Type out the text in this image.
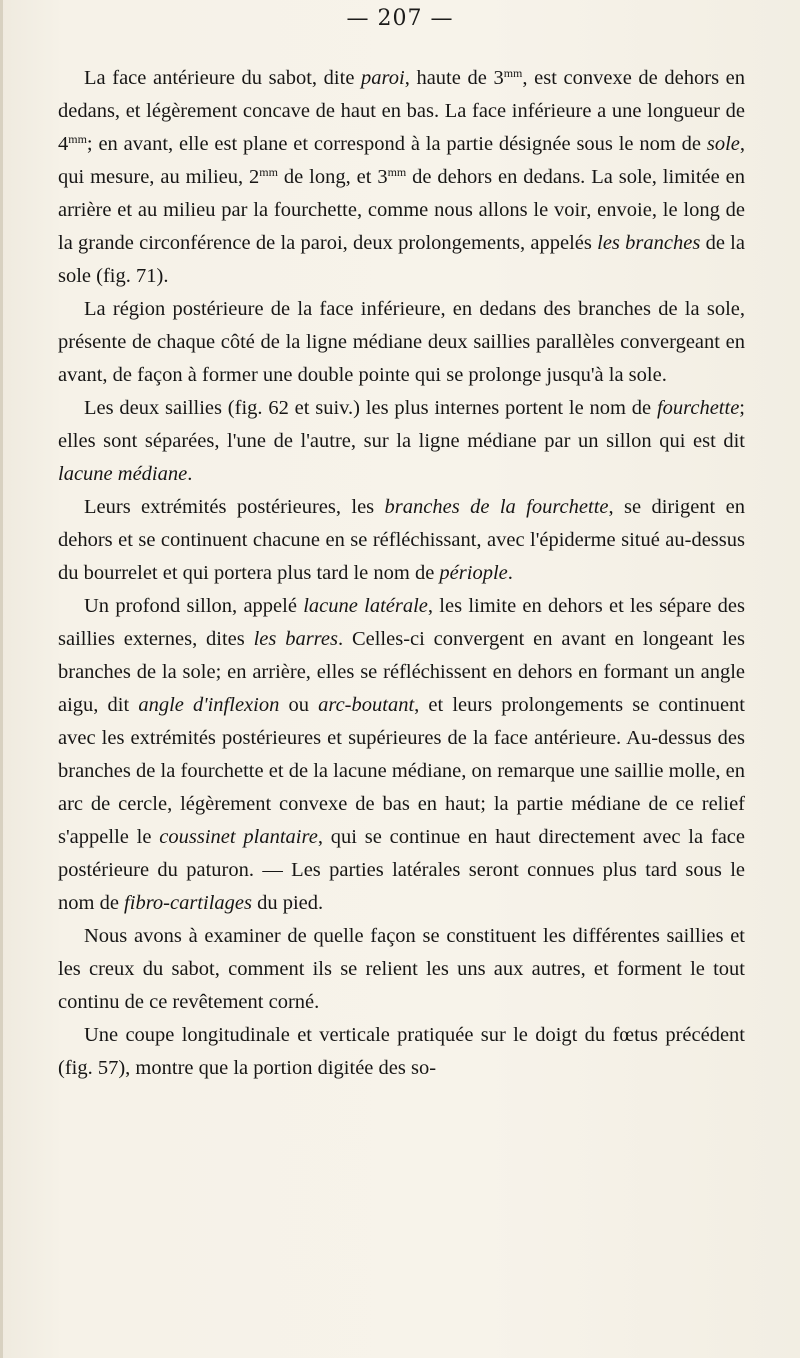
— 207 —

La face antérieure du sabot, dite paroi, haute de $3^{mm}$, est convexe de dehors en dedans, et légèrement concave de haut en bas. La face inférieure a une longueur de $4^{mm}$; en avant, elle est plane et correspond à la partie désignée sous le nom de sole, qui mesure, au milieu, $2^{mm}$ de long, et $3^{mm}$ de dehors en dedans. La sole, limitée en arrière et au milieu par la fourchette, comme nous allons le voir, envoie, le long de la grande circonférence de la paroi, deux prolongements, appelés les branches de la sole (fig. 71).

La région postérieure de la face inférieure, en dedans des branches de la sole, présente de chaque côté de la ligne médiane deux saillies parallèles convergeant en avant, de façon à former une double pointe qui se prolonge jusqu'à la sole.

Les deux saillies (fig. 62 et suiv.) les plus internes portent le nom de fourchette; elles sont séparées, l'une de l'autre, sur la ligne médiane par un sillon qui est dit lacune médiane.

Leurs extrémités postérieures, les branches de la fourchette, se dirigent en dehors et se continuent chacune en se réfléchissant, avec l'épiderme situé au-dessus du bourrelet et qui portera plus tard le nom de périople.

Un profond sillon, appelé lacune latérale, les limite en dehors et les sépare des saillies externes, dites les barres. Celles-ci convergent en avant en longeant les branches de la sole; en arrière, elles se réfléchissent en dehors en formant un angle aigu, dit angle d'inflexion ou arc-boutant, et leurs prolongements se continuent avec les extrémités postérieures et supérieures de la face antérieure. Au-dessus des branches de la fourchette et de la lacune médiane, on remarque une saillie molle, en arc de cercle, légèrement convexe de bas en haut; la partie médiane de ce relief s'appelle le coussinet plantaire, qui se continue en haut directement avec la face postérieure du paturon. — Les parties latérales seront connues plus tard sous le nom de fibro-cartilages du pied.

Nous avons à examiner de quelle façon se constituent les différentes saillies et les creux du sabot, comment ils se relient les uns aux autres, et forment le tout continu de ce revêtement corné.

Une coupe longitudinale et verticale pratiquée sur le doigt du fœtus précédent (fig. 57), montre que la portion digitée des so-
